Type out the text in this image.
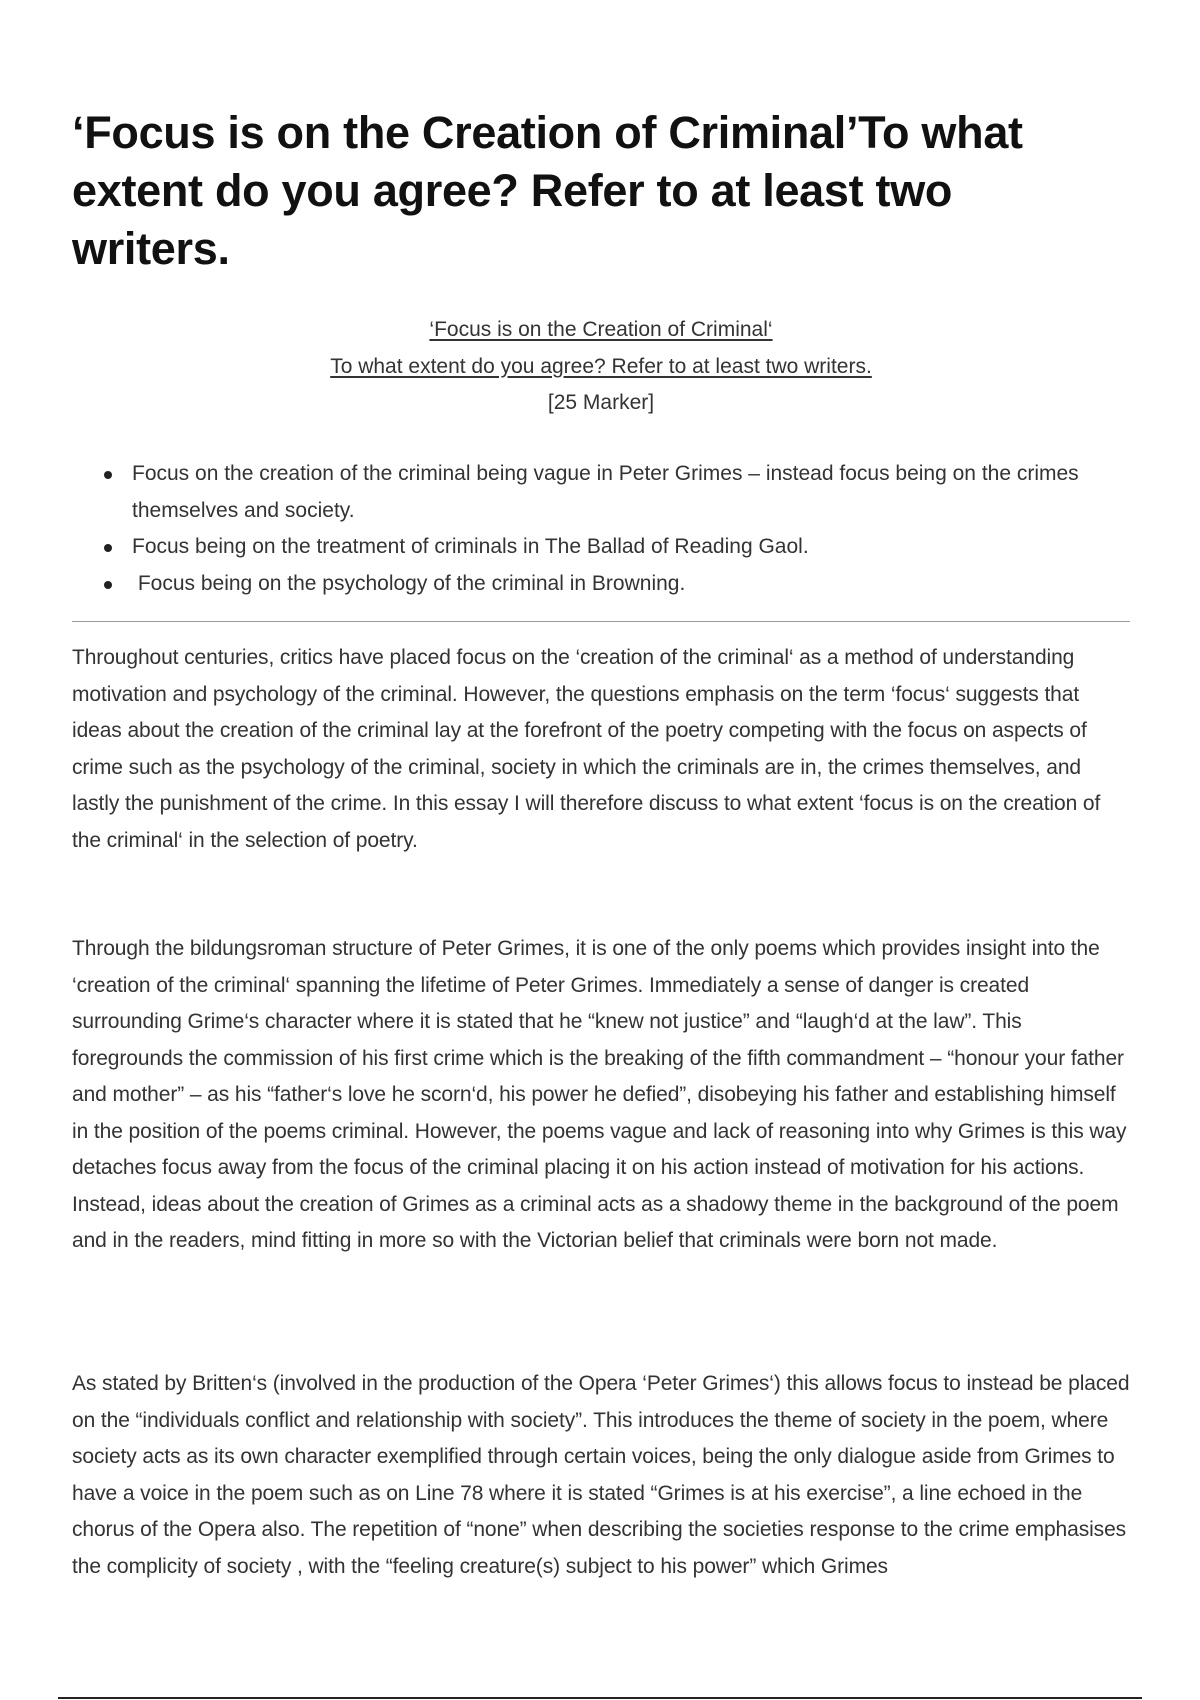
‘Focus is on the Creation of Criminal’To what extent do you agree? Refer to at least two writers.
‘Focus is on the Creation of Criminal‘
To what extent do you agree? Refer to at least two writers.
[25 Marker]
Focus on the creation of the criminal being vague in Peter Grimes – instead focus being on the crimes themselves and society.
Focus being on the treatment of criminals in The Ballad of Reading Gaol.
Focus being on the psychology of the criminal in Browning.

Throughout centuries, critics have placed focus on the ‘creation of the criminal‘ as a method of understanding motivation and psychology of the criminal. However, the questions emphasis on the term ‘focus‘ suggests that ideas about the creation of the criminal lay at the forefront of the poetry competing with the focus on aspects of crime such as the psychology of the criminal, society in which the criminals are in, the crimes themselves, and lastly the punishment of the crime. In this essay I will therefore discuss to what extent ‘focus is on the creation of the criminal‘ in the selection of poetry.

Through the bildungsroman structure of Peter Grimes, it is one of the only poems which provides insight into the ‘creation of the criminal‘ spanning the lifetime of Peter Grimes. Immediately a sense of danger is created surrounding Grime‘s character where it is stated that he “knew not justice” and “laugh‘d at the law”. This foregrounds the commission of his first crime which is the breaking of the fifth commandment – “honour your father and mother” – as his “father‘s love he scorn‘d, his power he defied”, disobeying his father and establishing himself in the position of the poems criminal. However, the poems vague and lack of reasoning into why Grimes is this way detaches focus away from the focus of the criminal placing it on his action instead of motivation for his actions. Instead, ideas about the creation of Grimes as a criminal acts as a shadowy theme in the background of the poem and in the readers, mind fitting in more so with the Victorian belief that criminals were born not made.

As stated by Britten‘s (involved in the production of the Opera ‘Peter Grimes‘) this allows focus to instead be placed on the “individuals conflict and relationship with society”. This introduces the theme of society in the poem, where society acts as its own character exemplified through certain voices, being the only dialogue aside from Grimes to have a voice in the poem such as on Line 78 where it is stated “Grimes is at his exercise”, a line echoed in the chorus of the Opera also. The repetition of “none” when describing the societies response to the crime emphasises the complicity of society , with the “feeling creature(s) subject to his power” which Grimes
